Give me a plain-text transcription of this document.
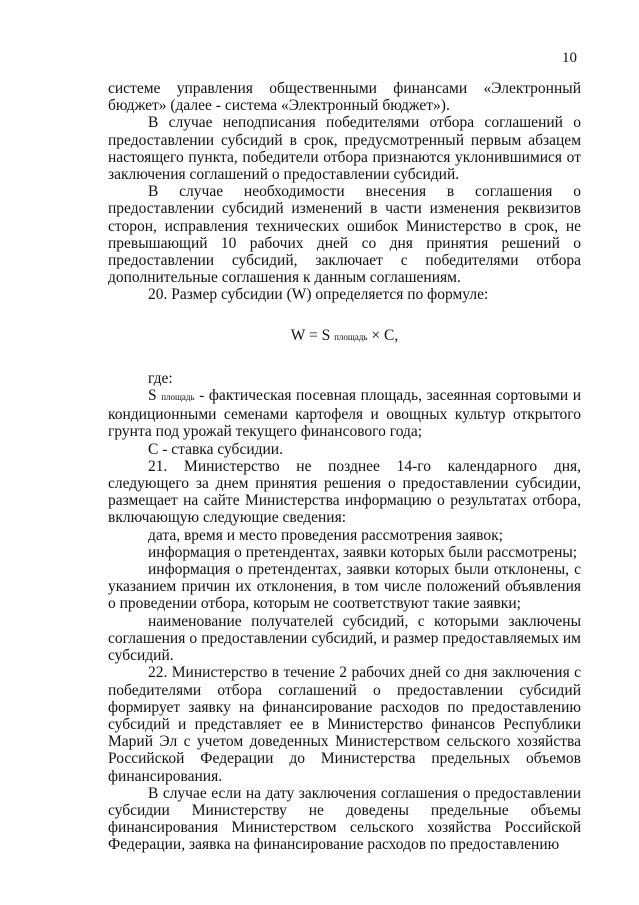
10

системе управления общественными финансами «Электронный бюджет» (далее - система «Электронный бюджет»).

В случае неподписания победителями отбора соглашений о предоставлении субсидий в срок, предусмотренный первым абзацем настоящего пункта, победители отбора признаются уклонившимися от заключения соглашений о предоставлении субсидий.

В случае необходимости внесения в соглашения о предоставлении субсидий изменений в части изменения реквизитов сторон, исправления технических ошибок Министерство в срок, не превышающий 10 рабочих дней со дня принятия решений о предоставлении субсидий, заключает с победителями отбора дополнительные соглашения к данным соглашениям.

20. Размер субсидии (W) определяется по формуле:

W = S площадь × C,

где:

S площадь - фактическая посевная площадь, засеянная сортовыми и кондиционными семенами картофеля и овощных культур открытого грунта под урожай текущего финансового года;

С - ставка субсидии.

21. Министерство не позднее 14-го календарного дня, следующего за днем принятия решения о предоставлении субсидии, размещает на сайте Министерства информацию о результатах отбора, включающую следующие сведения:

дата, время и место проведения рассмотрения заявок;

информация о претендентах, заявки которых были рассмотрены;

информация о претендентах, заявки которых были отклонены, с указанием причин их отклонения, в том числе положений объявления о проведении отбора, которым не соответствуют такие заявки;

наименование получателей субсидий, с которыми заключены соглашения о предоставлении субсидий, и размер предоставляемых им субсидий.

22. Министерство в течение 2 рабочих дней со дня заключения с победителями отбора соглашений о предоставлении субсидий формирует заявку на финансирование расходов по предоставлению субсидий и представляет ее в Министерство финансов Республики Марий Эл с учетом доведенных Министерством сельского хозяйства Российской Федерации до Министерства предельных объемов финансирования.

В случае если на дату заключения соглашения о предоставлении субсидии Министерству не доведены предельные объемы финансирования Министерством сельского хозяйства Российской Федерации, заявка на финансирование расходов по предоставлению
